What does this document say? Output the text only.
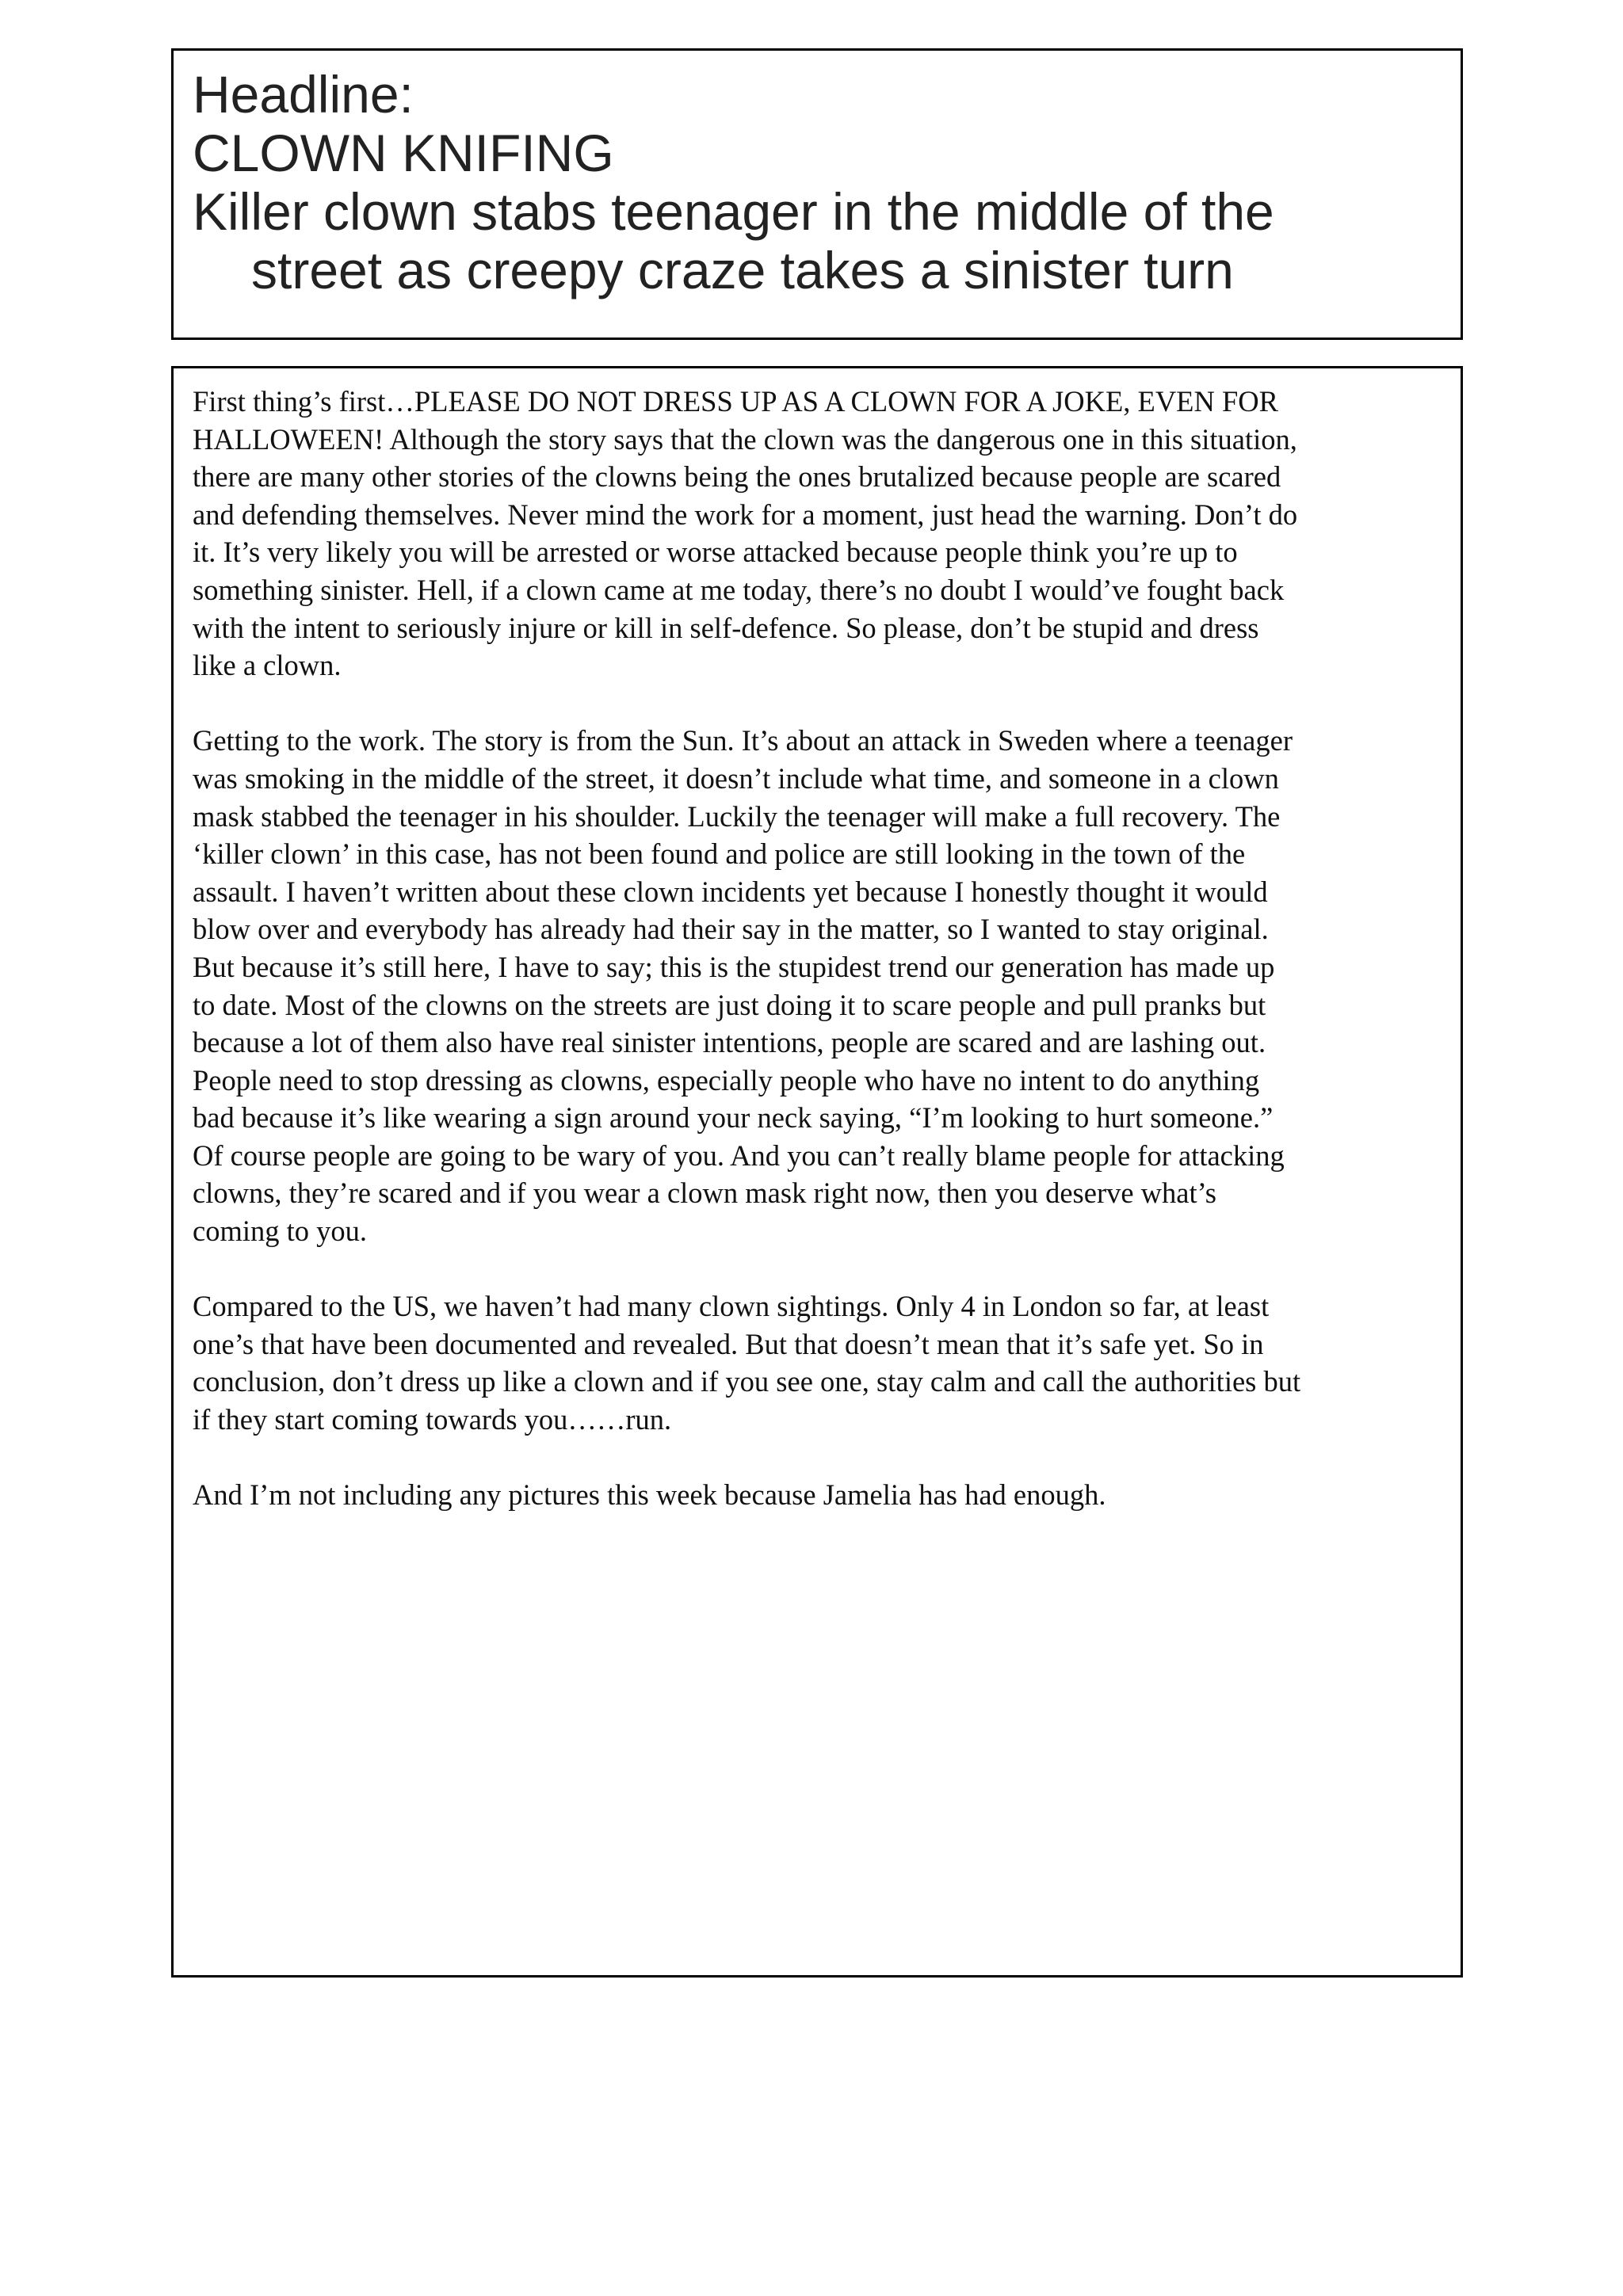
Headline:
CLOWN KNIFING
Killer clown stabs teenager in the middle of the
street as creepy craze takes a sinister turn

First thing’s first…PLEASE DO NOT DRESS UP AS A CLOWN FOR A JOKE, EVEN FOR
HALLOWEEN! Although the story says that the clown was the dangerous one in this situation,
there are many other stories of the clowns being the ones brutalized because people are scared
and defending themselves. Never mind the work for a moment, just head the warning. Don’t do
it. It’s very likely you will be arrested or worse attacked because people think you’re up to
something sinister. Hell, if a clown came at me today, there’s no doubt I would’ve fought back
with the intent to seriously injure or kill in self-defence. So please, don’t be stupid and dress
like a clown.

Getting to the work. The story is from the Sun. It’s about an attack in Sweden where a teenager
was smoking in the middle of the street, it doesn’t include what time, and someone in a clown
mask stabbed the teenager in his shoulder. Luckily the teenager will make a full recovery. The
‘killer clown’ in this case, has not been found and police are still looking in the town of the
assault. I haven’t written about these clown incidents yet because I honestly thought it would
blow over and everybody has already had their say in the matter, so I wanted to stay original.
But because it’s still here, I have to say; this is the stupidest trend our generation has made up
to date. Most of the clowns on the streets are just doing it to scare people and pull pranks but
because a lot of them also have real sinister intentions, people are scared and are lashing out.
People need to stop dressing as clowns, especially people who have no intent to do anything
bad because it’s like wearing a sign around your neck saying, “I’m looking to hurt someone.”
Of course people are going to be wary of you. And you can’t really blame people for attacking
clowns, they’re scared and if you wear a clown mask right now, then you deserve what’s
coming to you.

Compared to the US, we haven’t had many clown sightings. Only 4 in London so far, at least
one’s that have been documented and revealed. But that doesn’t mean that it’s safe yet. So in
conclusion, don’t dress up like a clown and if you see one, stay calm and call the authorities but
if they start coming towards you……run.

And I’m not including any pictures this week because Jamelia has had enough.
